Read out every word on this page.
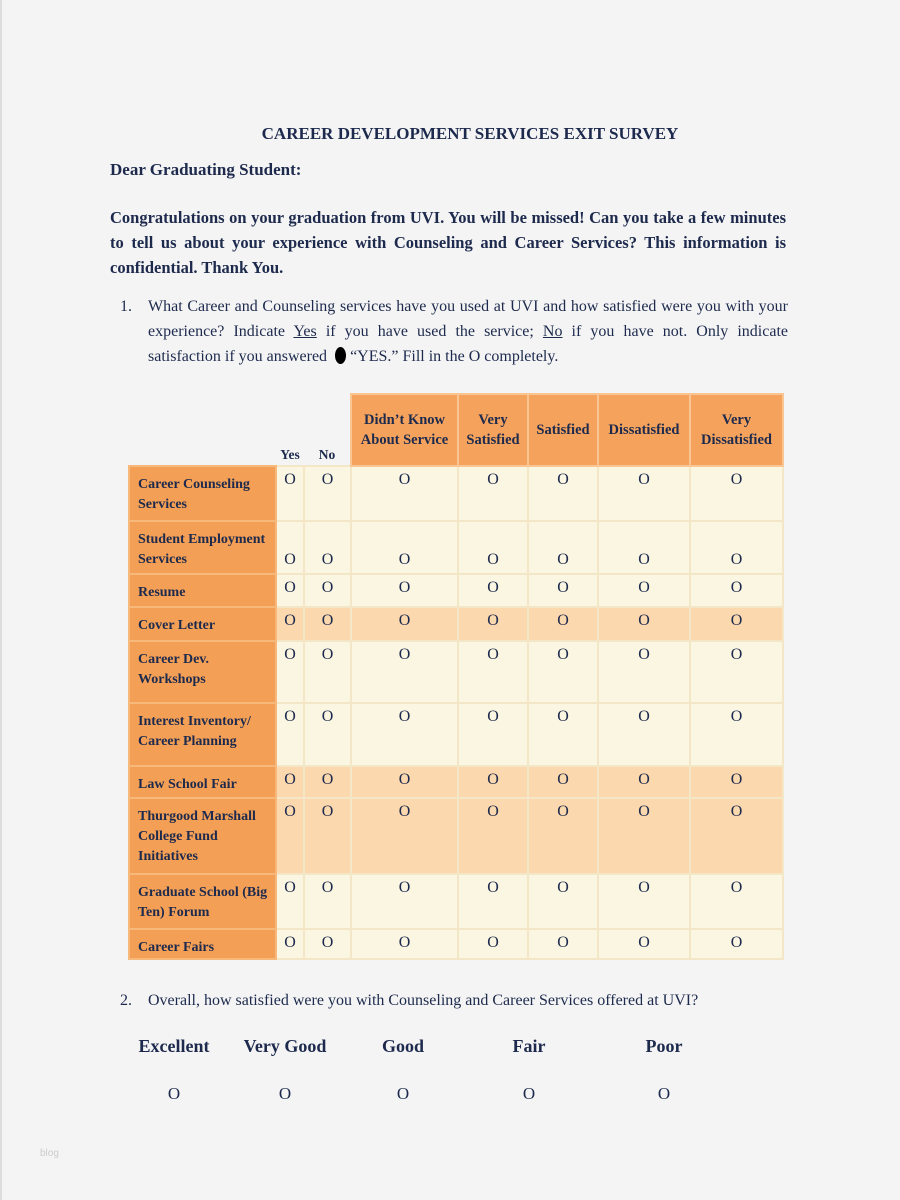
CAREER DEVELOPMENT SERVICES EXIT SURVEY
Dear Graduating Student:
Congratulations on your graduation from UVI. You will be missed! Can you take a few minutes to tell us about your experience with Counseling and Career Services? This information is confidential. Thank You.
1. What Career and Counseling services have you used at UVI and how satisfied were you with your experience? Indicate Yes if you have used the service; No if you have not. Only indicate satisfaction if you answered “YES.” Fill in the O completely.
	Yes	No	Didn’t Know About Service	Very Satisfied	Satisfied	Dissatisfied	Very Dissatisfied
Career Counseling Services	O	O	O	O	O	O	O
Student Employment Services	O	O	O	O	O	O	O
Resume	O	O	O	O	O	O	O
Cover Letter	O	O	O	O	O	O	O
Career Dev. Workshops	O	O	O	O	O	O	O
Interest Inventory/ Career Planning	O	O	O	O	O	O	O
Law School Fair	O	O	O	O	O	O	O
Thurgood Marshall College Fund Initiatives	O	O	O	O	O	O	O
Graduate School (Big Ten) Forum	O	O	O	O	O	O	O
Career Fairs	O	O	O	O	O	O	O
2. Overall, how satisfied were you with Counseling and Career Services offered at UVI?
Excellent Very Good	Good	Fair	Poor
O	O	O	O	O
blog
